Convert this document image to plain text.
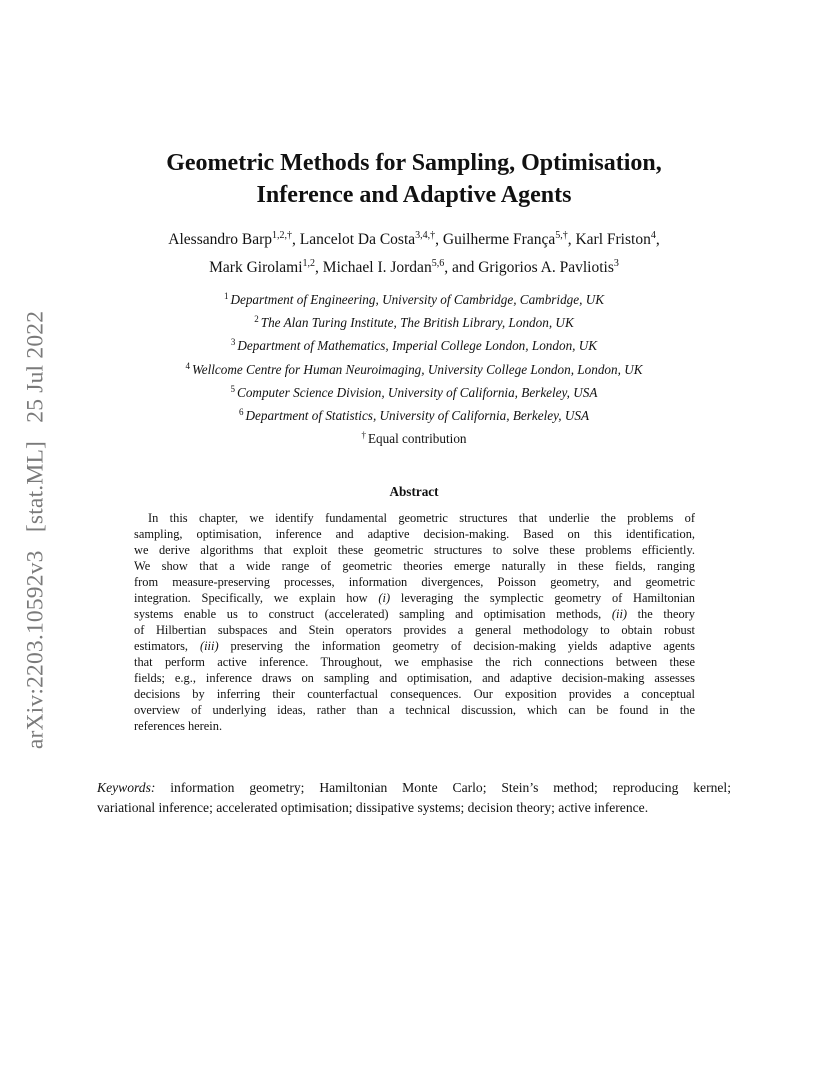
arXiv:2203.10592v3   [stat.ML]   25 Jul 2022
Geometric Methods for Sampling, Optimisation,
Inference and Adaptive Agents
Alessandro Barp$^{1,2,\dagger}$, Lancelot Da Costa$^{3,4,\dagger}$, Guilherme França$^{5,\dagger}$, Karl Friston$^4$,
Mark Girolami$^{1,2}$, Michael I. Jordan$^{5,6}$, and Grigorios A. Pavliotis$^3$
$^1$ Department of Engineering, University of Cambridge, Cambridge, UK
$^2$ The Alan Turing Institute, The British Library, London, UK
$^3$ Department of Mathematics, Imperial College London, London, UK
$^4$ Wellcome Centre for Human Neuroimaging, University College London, London, UK
$^5$ Computer Science Division, University of California, Berkeley, USA
$^6$ Department of Statistics, University of California, Berkeley, USA
† Equal contribution
Abstract
In this chapter, we identify fundamental geometric structures that underlie the problems of
sampling, optimisation, inference and adaptive decision-making. Based on this identification,
we derive algorithms that exploit these geometric structures to solve these problems efficiently.
We show that a wide range of geometric theories emerge naturally in these fields, ranging
from measure-preserving processes, information divergences, Poisson geometry, and geometric
integration. Specifically, we explain how (i) leveraging the symplectic geometry of Hamiltonian
systems enable us to construct (accelerated) sampling and optimisation methods, (ii) the theory
of Hilbertian subspaces and Stein operators provides a general methodology to obtain robust
estimators, (iii) preserving the information geometry of decision-making yields adaptive agents
that perform active inference. Throughout, we emphasise the rich connections between these
fields; e.g., inference draws on sampling and optimisation, and adaptive decision-making assesses
decisions by inferring their counterfactual consequences. Our exposition provides a conceptual
overview of underlying ideas, rather than a technical discussion, which can be found in the
references herein.
Keywords: information geometry; Hamiltonian Monte Carlo; Stein’s method; reproducing kernel;
variational inference; accelerated optimisation; dissipative systems; decision theory; active inference.
